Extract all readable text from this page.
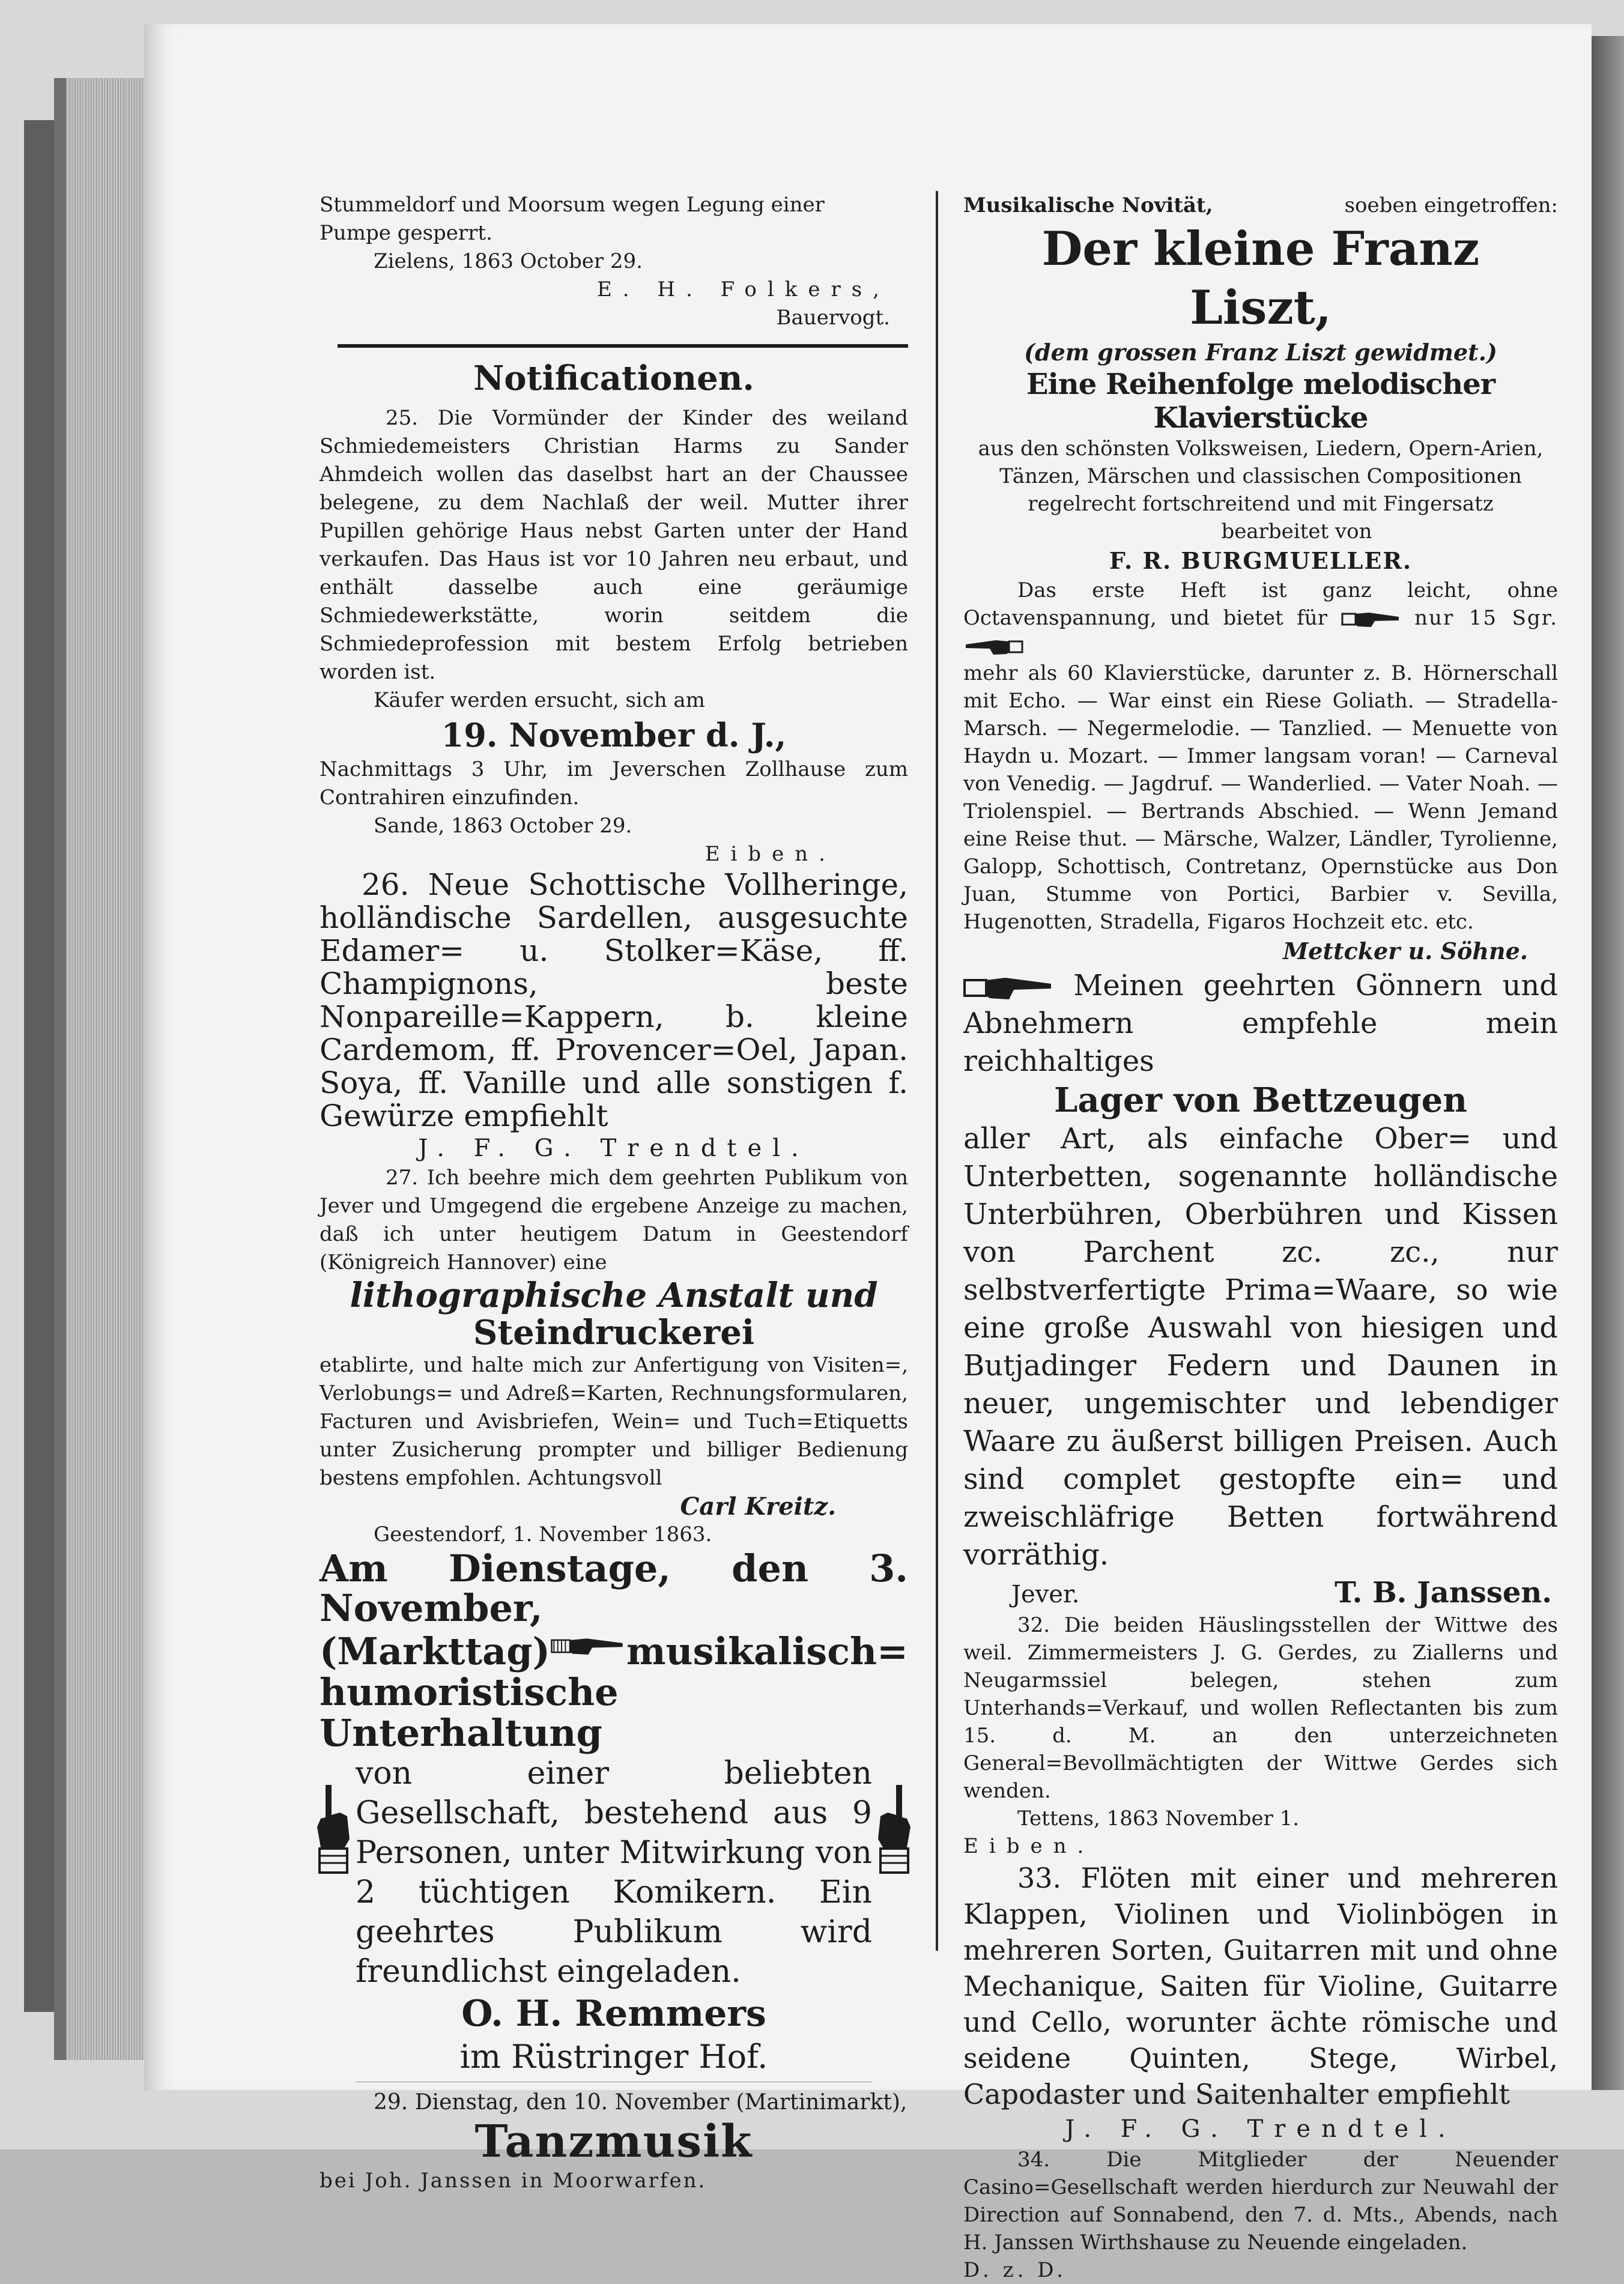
Stummeldorf und Moorsum wegen Legung einer

Pumpe gesperrt.

Zielens, 1863 October 29.

E. H. Folkers,

Bauervogt.

Notificationen.

25. Die Vormünder der Kinder des weiland Schmiedemeisters Christian Harms zu Sander Ahmdeich wollen das daselbst hart an der Chaussee belegene, zu dem Nachlaß der weil. Mutter ihrer Pupillen gehörige Haus nebst Garten unter der Hand verkaufen. Das Haus ist vor 10 Jahren neu erbaut, und enthält dasselbe auch eine geräumige Schmiedewerkstätte, worin seitdem die Schmiedeprofession mit bestem Erfolg betrieben worden ist.

Käufer werden ersucht, sich am

19. November d. J.,

Nachmittags 3 Uhr, im Jeverschen Zollhause zum Contrahiren einzufinden.

Sande, 1863 October 29.

Eiben.

26. Neue Schottische Vollheringe, holländische Sardellen, ausgesuchte Edamer= u. Stolker=Käse, ff. Champignons, beste Nonpareille=Kappern, b. kleine Cardemom, ff. Provencer=Oel, Japan. Soya, ff. Vanille und alle sonstigen f. Gewürze empfiehlt

J. F. G. Trendtel.

27. Ich beehre mich dem geehrten Publikum von Jever und Umgegend die ergebene Anzeige zu machen, daß ich unter heutigem Datum in Geestendorf (Königreich Hannover) eine

lithographische Anstalt und

Steindruckerei

etablirte, und halte mich zur Anfertigung von Visiten=, Verlobungs= und Adreß=Karten, Rechnungsformularen, Facturen und Avisbriefen, Wein= und Tuch=Etiquetts unter Zusicherung prompter und billiger Bedienung bestens empfohlen. Achtungsvoll

Carl Kreitz.

Geestendorf, 1. November 1863.

Am Dienstage, den 3. November,

(Markttag) musikalisch=

humoristische Unterhaltung

von einer beliebten Gesellschaft, bestehend aus 9 Personen, unter Mitwirkung von 2 tüchtigen Komikern. Ein geehrtes Publikum wird freundlichst eingeladen.

O. H. Remmers

im Rüstringer Hof.

29. Dienstag, den 10. November (Martinimarkt),

Tanzmusik

bei Joh. Janssen in Moorwarfen.

Musikalische Novität,	soeben eingetroffen:

Der kleine Franz Liszt,

(dem grossen Franz Liszt gewidmet.)

Eine Reihenfolge melodischer Klavierstücke

aus den schönsten Volksweisen, Liedern, Opern-Arien, Tänzen, Märschen und classischen Compositionen regelrecht fortschreitend und mit Fingersatz

bearbeitet von

F. R. BURGMUELLER.

Das erste Heft ist ganz leicht, ohne Octavenspannung, und bietet für	nur 15 Sgr.

mehr als 60 Klavierstücke, darunter z. B. Hörnerschall mit Echo. — War einst ein Riese Goliath. — Stradella-Marsch. — Negermelodie. — Tanzlied. — Menuette von Haydn u. Mozart. — Immer langsam voran! — Carneval von Venedig. — Jagdruf. — Wanderlied. — Vater Noah. — Triolenspiel. — Bertrands Abschied. — Wenn Jemand eine Reise thut. — Märsche, Walzer, Ländler, Tyrolienne, Galopp, Schottisch, Contretanz, Opernstücke aus Don Juan, Stumme von Portici, Barbier v. Sevilla, Hugenotten, Stradella, Figaros Hochzeit etc. etc.

Mettcker u. Söhne.

Meinen geehrten Gönnern und Abnehmern empfehle mein reichhaltiges

Lager von Bettzeugen

aller Art, als einfache Ober= und Unterbetten, sogenannte holländische Unterbühren, Oberbühren und Kissen von Parchent zc. zc., nur selbstverfertigte Prima=Waare, so wie eine große Auswahl von hiesigen und Butjadinger Federn und Daunen in neuer, ungemischter und lebendiger Waare zu äußerst billigen Preisen. Auch sind complet gestopfte ein= und zweischläfrige Betten fortwährend vorräthig.

Jever.	T. B. Janssen.

32. Die beiden Häuslingsstellen der Wittwe des weil. Zimmermeisters J. G. Gerdes, zu Ziallerns und Neugarmssiel belegen, stehen zum Unterhands=Verkauf, und wollen Reflectanten bis zum 15. d. M. an den unterzeichneten General=Bevollmächtigten der Wittwe Gerdes sich wenden.

Tettens, 1863 November 1.

Eiben.

33. Flöten mit einer und mehreren Klappen, Violinen und Violinbögen in mehreren Sorten, Guitarren mit und ohne Mechanique, Saiten für Violine, Guitarre und Cello, worunter ächte römische und seidene Quinten, Stege, Wirbel, Capodaster und Saitenhalter empfiehlt

J. F. G. Trendtel.

34. Die Mitglieder der Neuender Casino=Gesellschaft werden hierdurch zur Neuwahl der Direction auf Sonnabend, den 7. d. Mts., Abends, nach H. Janssen Wirthshause zu Neuende eingeladen.

D. z. D.
